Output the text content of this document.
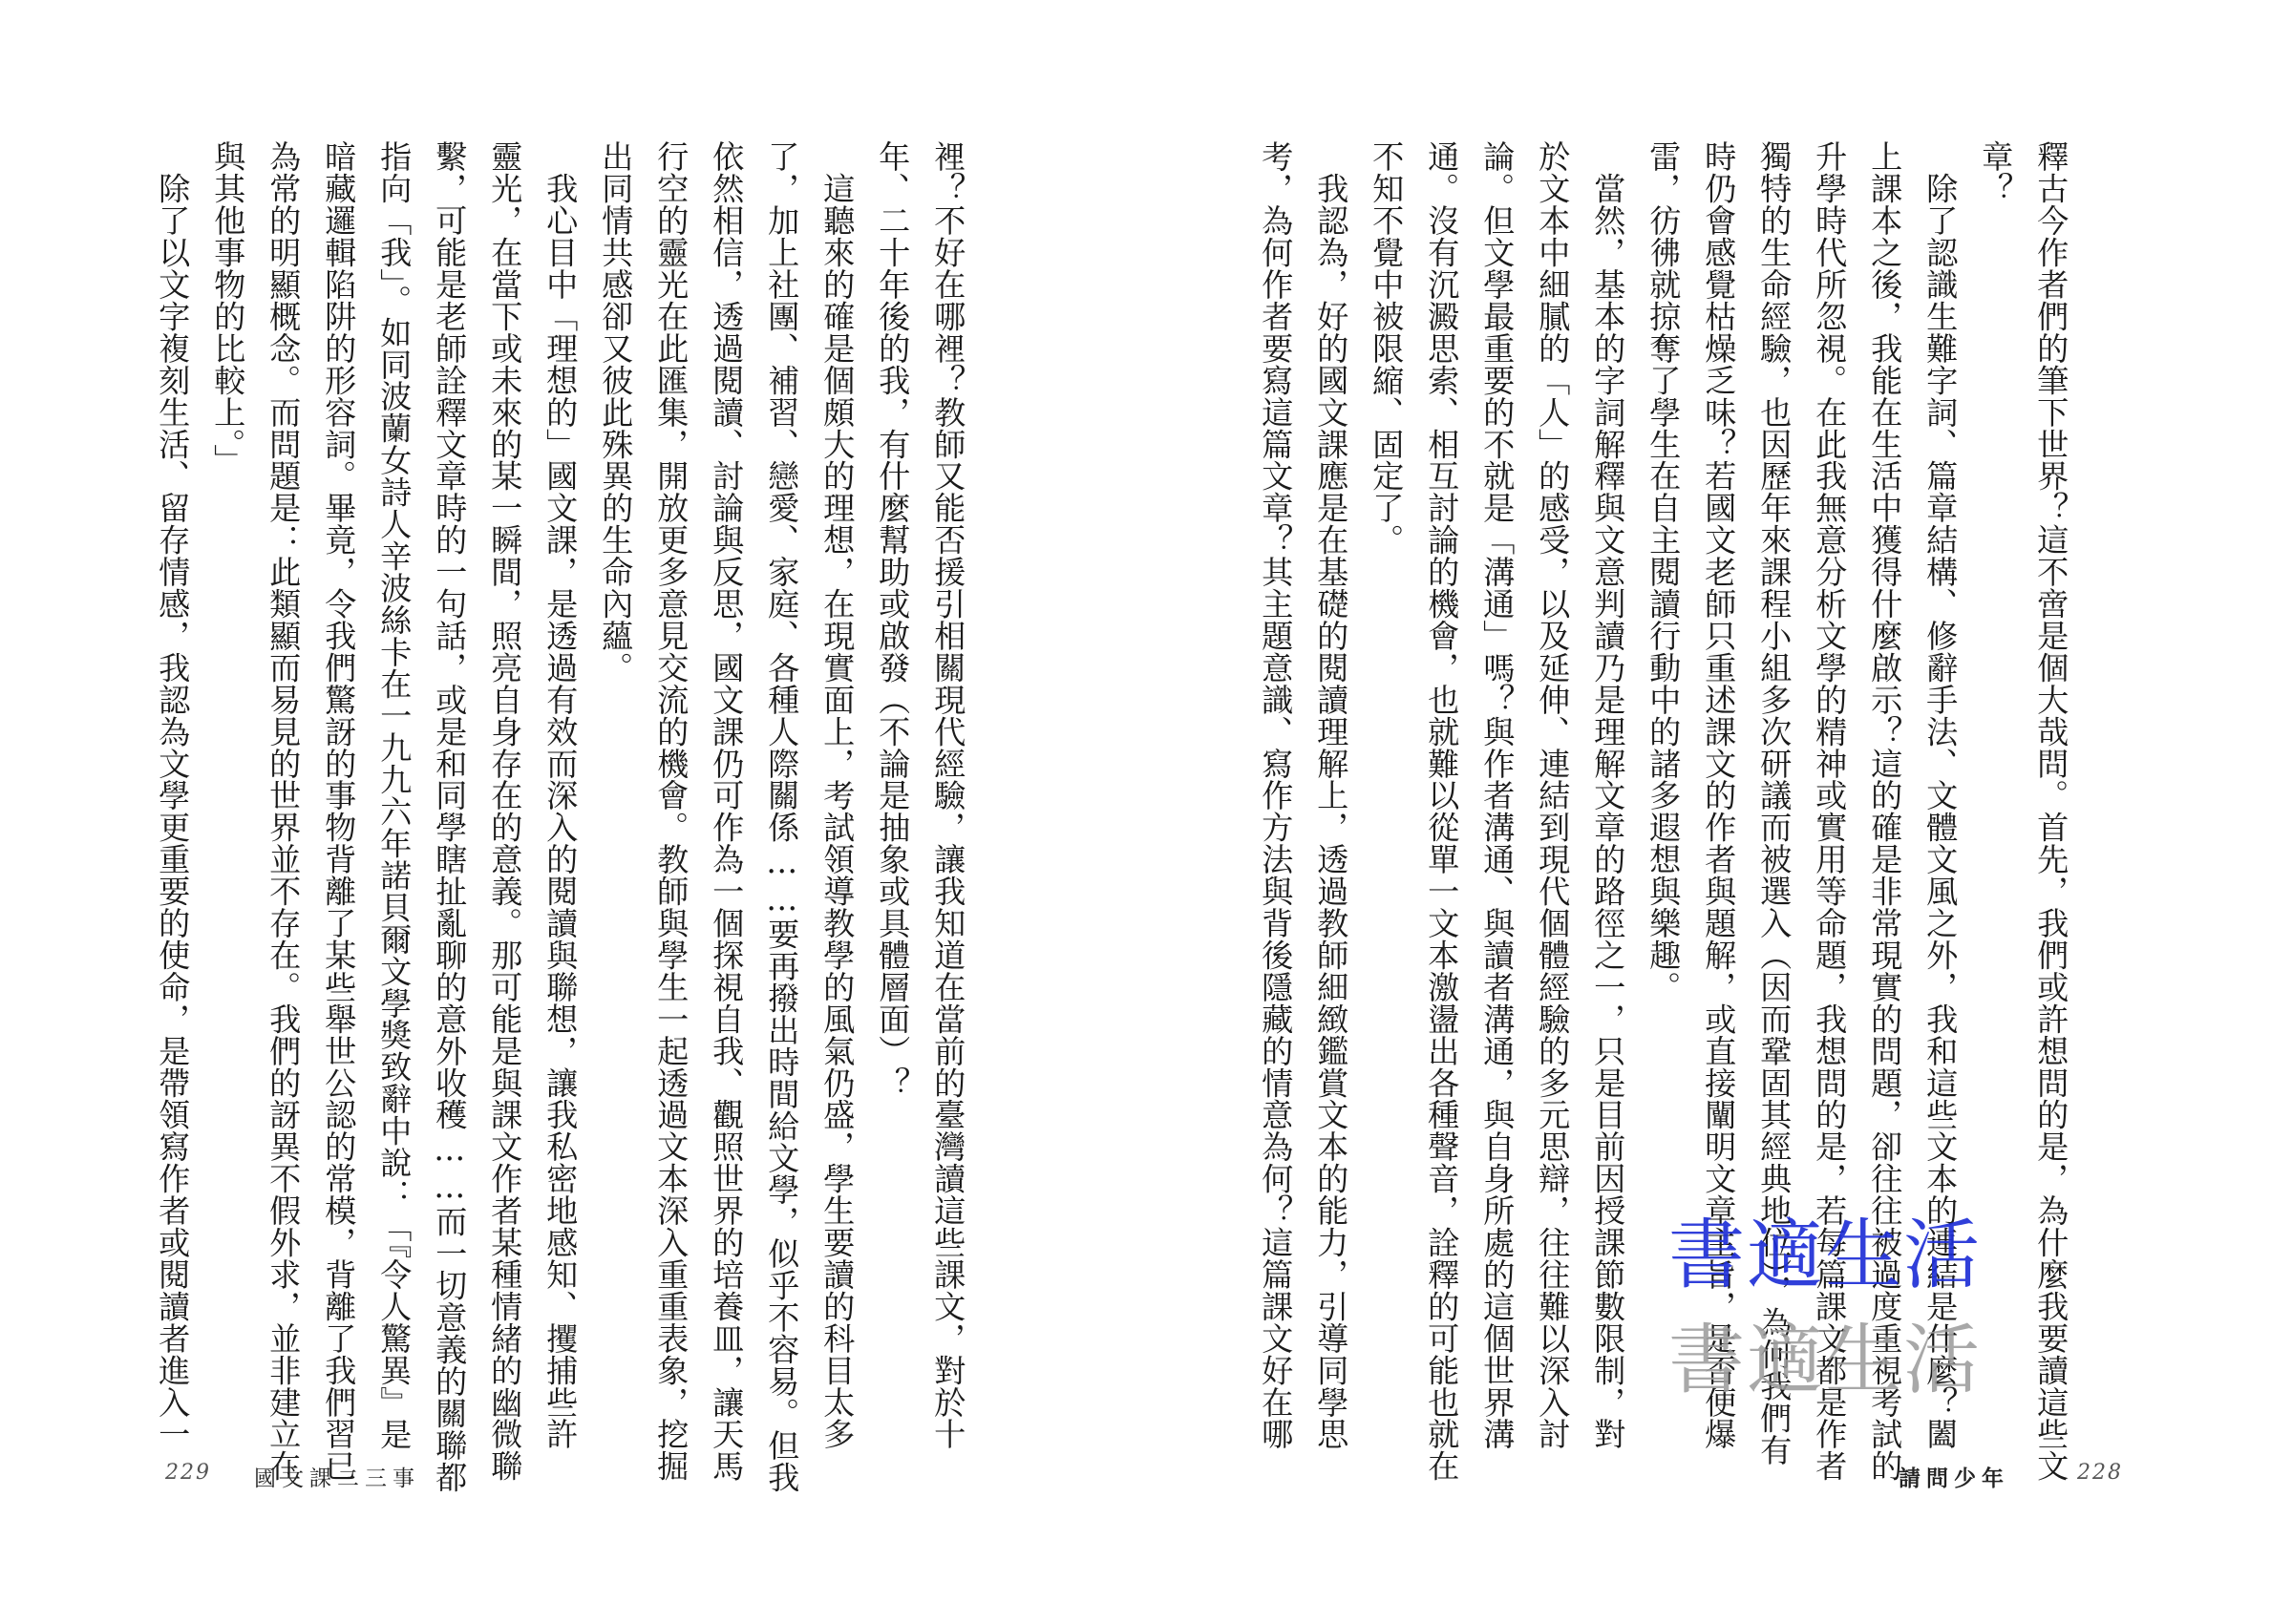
裡？不好在哪裡？教師又能否援引相關現代經驗，讓我知道在當前的臺灣讀這些課文，對於十
年、二十年後的我，有什麼幫助或啟發（不論是抽象或具體層面）？
　這聽來的確是個頗大的理想，在現實面上，考試領導教學的風氣仍盛，學生要讀的科目太多
了，加上社團、補習、戀愛、家庭、各種人際關係……要再撥出時間給文學，似乎不容易。但我
依然相信，透過閱讀、討論與反思，國文課仍可作為一個探視自我、觀照世界的培養皿，讓天馬
行空的靈光在此匯集，開放更多意見交流的機會。教師與學生一起透過文本深入重重表象，挖掘
出同情共感卻又彼此殊異的生命內蘊。
　我心目中「理想的」國文課，是透過有效而深入的閱讀與聯想，讓我私密地感知、攫捕些許
靈光，在當下或未來的某一瞬間，照亮自身存在的意義。那可能是與課文作者某種情緒的幽微聯
繫，可能是老師詮釋文章時的一句話，或是和同學瞎扯亂聊的意外收穫……而一切意義的關聯都
指向「我」。如同波蘭女詩人辛波絲卡在一九九六年諾貝爾文學獎致辭中說：「『令人驚異』是
暗藏邏輯陷阱的形容詞。畢竟，令我們驚訝的事物背離了某些舉世公認的常模，背離了我們習已
為常的明顯概念。而問題是：此類顯而易見的世界並不存在。我們的訝異不假外求，並非建立在
與其他事物的比較上。」
　除了以文字複刻生活、留存情感，我認為文學更重要的使命，是帶領寫作者或閱讀者進入一
229 國文課二三事	釋古今作者們的筆下世界？這不啻是個大哉問。首先，我們或許想問的是，為什麼我要讀這些文
章？
　除了認識生難字詞、篇章結構、修辭手法、文體文風之外，我和這些文本的連結是什麼？闔
上課本之後，我能在生活中獲得什麼啟示？這的確是非常現實的問題，卻往往被過度重視考試的
升學時代所忽視。在此我無意分析文學的精神或實用等命題，我想問的是，若每篇課文都是作者
獨特的生命經驗，也因歷年來課程小組多次研議而被選入（因而鞏固其經典地位），為何我們有
時仍會感覺枯燥乏味？若國文老師只重述課文的作者與題解，或直接闡明文章主旨，是否便爆
雷，彷彿就掠奪了學生在自主閱讀行動中的諸多遐想與樂趣。
　當然，基本的字詞解釋與文意判讀乃是理解文章的路徑之一，只是目前因授課節數限制，對
於文本中細膩的「人」的感受，以及延伸、連結到現代個體經驗的多元思辯，往往難以深入討
論。但文學最重要的不就是「溝通」嗎？與作者溝通、與讀者溝通，與自身所處的這個世界溝
通。沒有沉澱思索、相互討論的機會，也就難以從單一文本激盪出各種聲音，詮釋的可能也就在
不知不覺中被限縮、固定了。
　我認為，好的國文課應是在基礎的閱讀理解上，透過教師細緻鑑賞文本的能力，引導同學思
考，為何作者要寫這篇文章？其主題意識、寫作方法與背後隱藏的情意為何？這篇課文好在哪
請問少年	228
書適生活
書適生活
